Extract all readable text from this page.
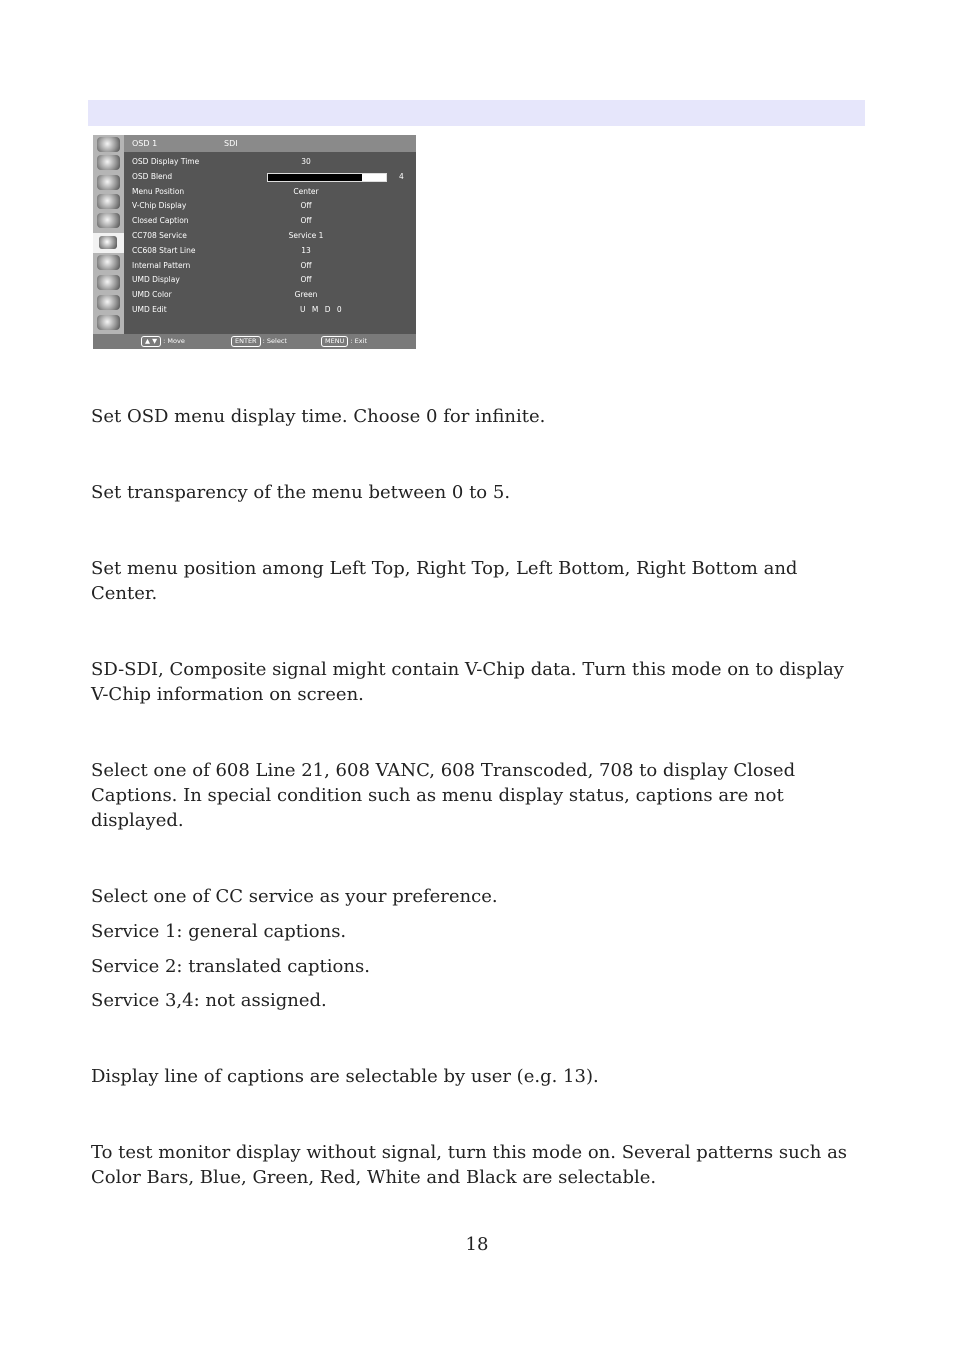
OSD 1	SDI
OSD Display Time	30
OSD Blend	4
Menu Position	Center
V-Chip Display	Off
Closed Caption	Off
CC708 Service	Service 1
CC608 Start Line	13
Internal Pattern	Off
UMD Display	Off
UMD Color	Green
UMD Edit	U M D 0
▲ ▼ : Move	ENTER : Select	MENU : Exit

Set OSD menu display time. Choose 0 for infinite.

Set transparency of the menu between 0 to 5.

Set menu position among Left Top, Right Top, Left Bottom, Right Bottom and
Center.

SD-SDI, Composite signal might contain V-Chip data. Turn this mode on to display
V-Chip information on screen.

Select one of 608 Line 21, 608 VANC, 608 Transcoded, 708 to display Closed
Captions. In special condition such as menu display status, captions are not
displayed.

Select one of CC service as your preference.

Service 1: general captions.

Service 2: translated captions.

Service 3,4: not assigned.

Display line of captions are selectable by user (e.g. 13).

To test monitor display without signal, turn this mode on. Several patterns such as
Color Bars, Blue, Green, Red, White and Black are selectable.

18
